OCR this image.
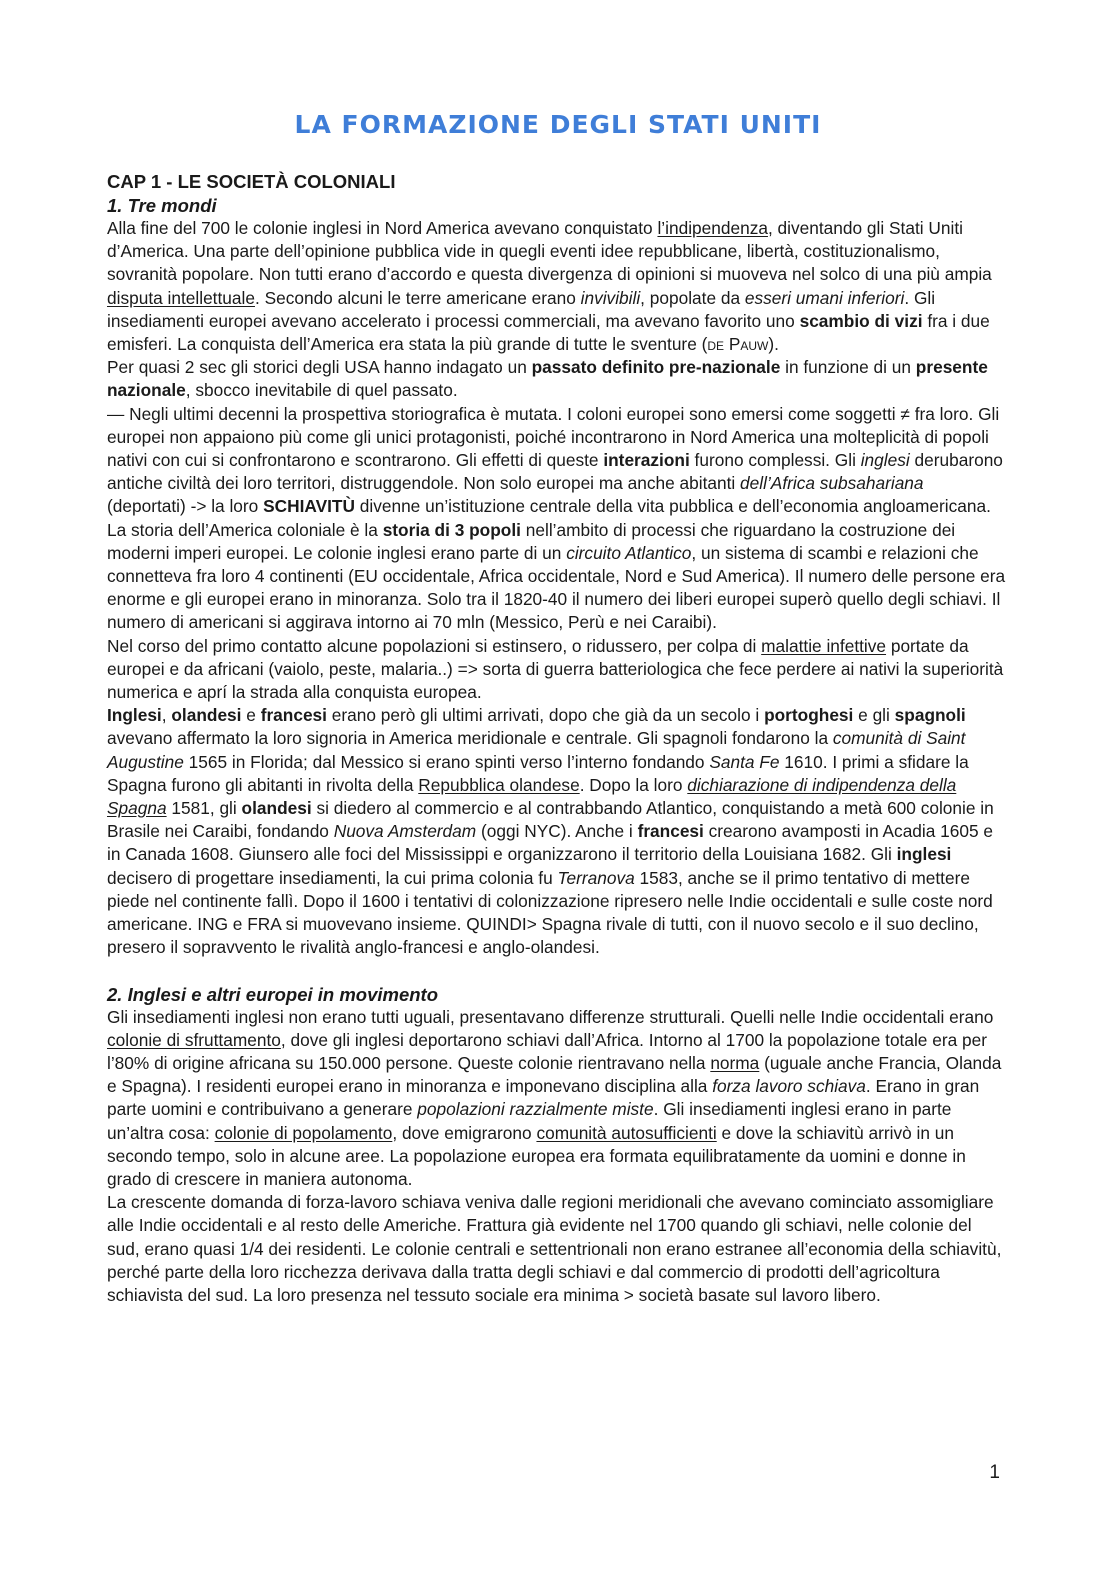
LA FORMAZIONE DEGLI STATI UNITI
CAP 1 - LE SOCIETÀ COLONIALI
1. Tre mondi

Alla fine del 700 le colonie inglesi in Nord America avevano conquistato l’indipendenza, diventando gli Stati Uniti d’America. Una parte dell’opinione pubblica vide in quegli eventi idee repubblicane, libertà, costituzionalismo, sovranità popolare. Non tutti erano d’accordo e questa divergenza di opinioni si muoveva nel solco di una più ampia disputa intellettuale. Secondo alcuni le terre americane erano invivibili, popolate da esseri umani inferiori. Gli insediamenti europei avevano accelerato i processi commerciali, ma avevano favorito uno scambio di vizi fra i due emisferi. La conquista dell’America era stata la più grande di tutte le sventure (de Pauw).

Per quasi 2 sec gli storici degli USA hanno indagato un passato definito pre-nazionale in funzione di un presente nazionale, sbocco inevitabile di quel passato.

— Negli ultimi decenni la prospettiva storiografica è mutata. I coloni europei sono emersi come soggetti ≠ fra loro. Gli europei non appaiono più come gli unici protagonisti, poiché incontrarono in Nord America una molteplicità di popoli nativi con cui si confrontarono e scontrarono. Gli effetti di queste interazioni furono complessi. Gli inglesi derubarono antiche civiltà dei loro territori, distruggendole. Non solo europei ma anche abitanti dell’Africa subsahariana (deportati) -> la loro SCHIAVITÙ divenne un’istituzione centrale della vita pubblica e dell’economia angloamericana. La storia dell’America coloniale è la storia di 3 popoli nell’ambito di processi che riguardano la costruzione dei moderni imperi europei. Le colonie inglesi erano parte di un circuito Atlantico, un sistema di scambi e relazioni che connetteva fra loro 4 continenti (EU occidentale, Africa occidentale, Nord e Sud America). Il numero delle persone era enorme e gli europei erano in minoranza. Solo tra il 1820-40 il numero dei liberi europei superò quello degli schiavi. Il numero di americani si aggirava intorno ai 70 mln (Messico, Perù e nei Caraibi).

Nel corso del primo contatto alcune popolazioni si estinsero, o ridussero, per colpa di malattie infettive portate da europei e da africani (vaiolo, peste, malaria..) => sorta di guerra batteriologica che fece perdere ai nativi la superiorità numerica e aprí la strada alla conquista europea.

Inglesi, olandesi e francesi erano però gli ultimi arrivati, dopo che già da un secolo i portoghesi e gli spagnoli avevano affermato la loro signoria in America meridionale e centrale. Gli spagnoli fondarono la comunità di Saint Augustine 1565 in Florida; dal Messico si erano spinti verso l’interno fondando Santa Fe 1610. I primi a sfidare la Spagna furono gli abitanti in rivolta della Repubblica olandese. Dopo la loro dichiarazione di indipendenza della Spagna 1581, gli olandesi si diedero al commercio e al contrabbando Atlantico, conquistando a metà 600 colonie in Brasile nei Caraibi, fondando Nuova Amsterdam (oggi NYC). Anche i francesi crearono avamposti in Acadia 1605 e in Canada 1608. Giunsero alle foci del Mississippi e organizzarono il territorio della Louisiana 1682. Gli inglesi decisero di progettare insediamenti, la cui prima colonia fu Terranova 1583, anche se il primo tentativo di mettere piede nel continente fallì. Dopo il 1600 i tentativi di colonizzazione ripresero nelle Indie occidentali e sulle coste nord americane. ING e FRA si muovevano insieme. QUINDI> Spagna rivale di tutti, con il nuovo secolo e il suo declino, presero il sopravvento le rivalità anglo-francesi e anglo-olandesi.

2. Inglesi e altri europei in movimento

Gli insediamenti inglesi non erano tutti uguali, presentavano differenze strutturali. Quelli nelle Indie occidentali erano colonie di sfruttamento, dove gli inglesi deportarono schiavi dall’Africa. Intorno al 1700 la popolazione totale era per l’80% di origine africana su 150.000 persone. Queste colonie rientravano nella norma (uguale anche Francia, Olanda e Spagna). I residenti europei erano in minoranza e imponevano disciplina alla forza lavoro schiava. Erano in gran parte uomini e contribuivano a generare popolazioni razzialmente miste. Gli insediamenti inglesi erano in parte un’altra cosa: colonie di popolamento, dove emigrarono comunità autosufficienti e dove la schiavitù arrivò in un secondo tempo, solo in alcune aree. La popolazione europea era formata equilibratamente da uomini e donne in grado di crescere in maniera autonoma.

La crescente domanda di forza-lavoro schiava veniva dalle regioni meridionali che avevano cominciato assomigliare alle Indie occidentali e al resto delle Americhe. Frattura già evidente nel 1700 quando gli schiavi, nelle colonie del sud, erano quasi 1/4 dei residenti. Le colonie centrali e settentrionali non erano estranee all’economia della schiavitù, perché parte della loro ricchezza derivava dalla tratta degli schiavi e dal commercio di prodotti dell’agricoltura schiavista del sud. La loro presenza nel tessuto sociale era minima > società basate sul lavoro libero.

1
